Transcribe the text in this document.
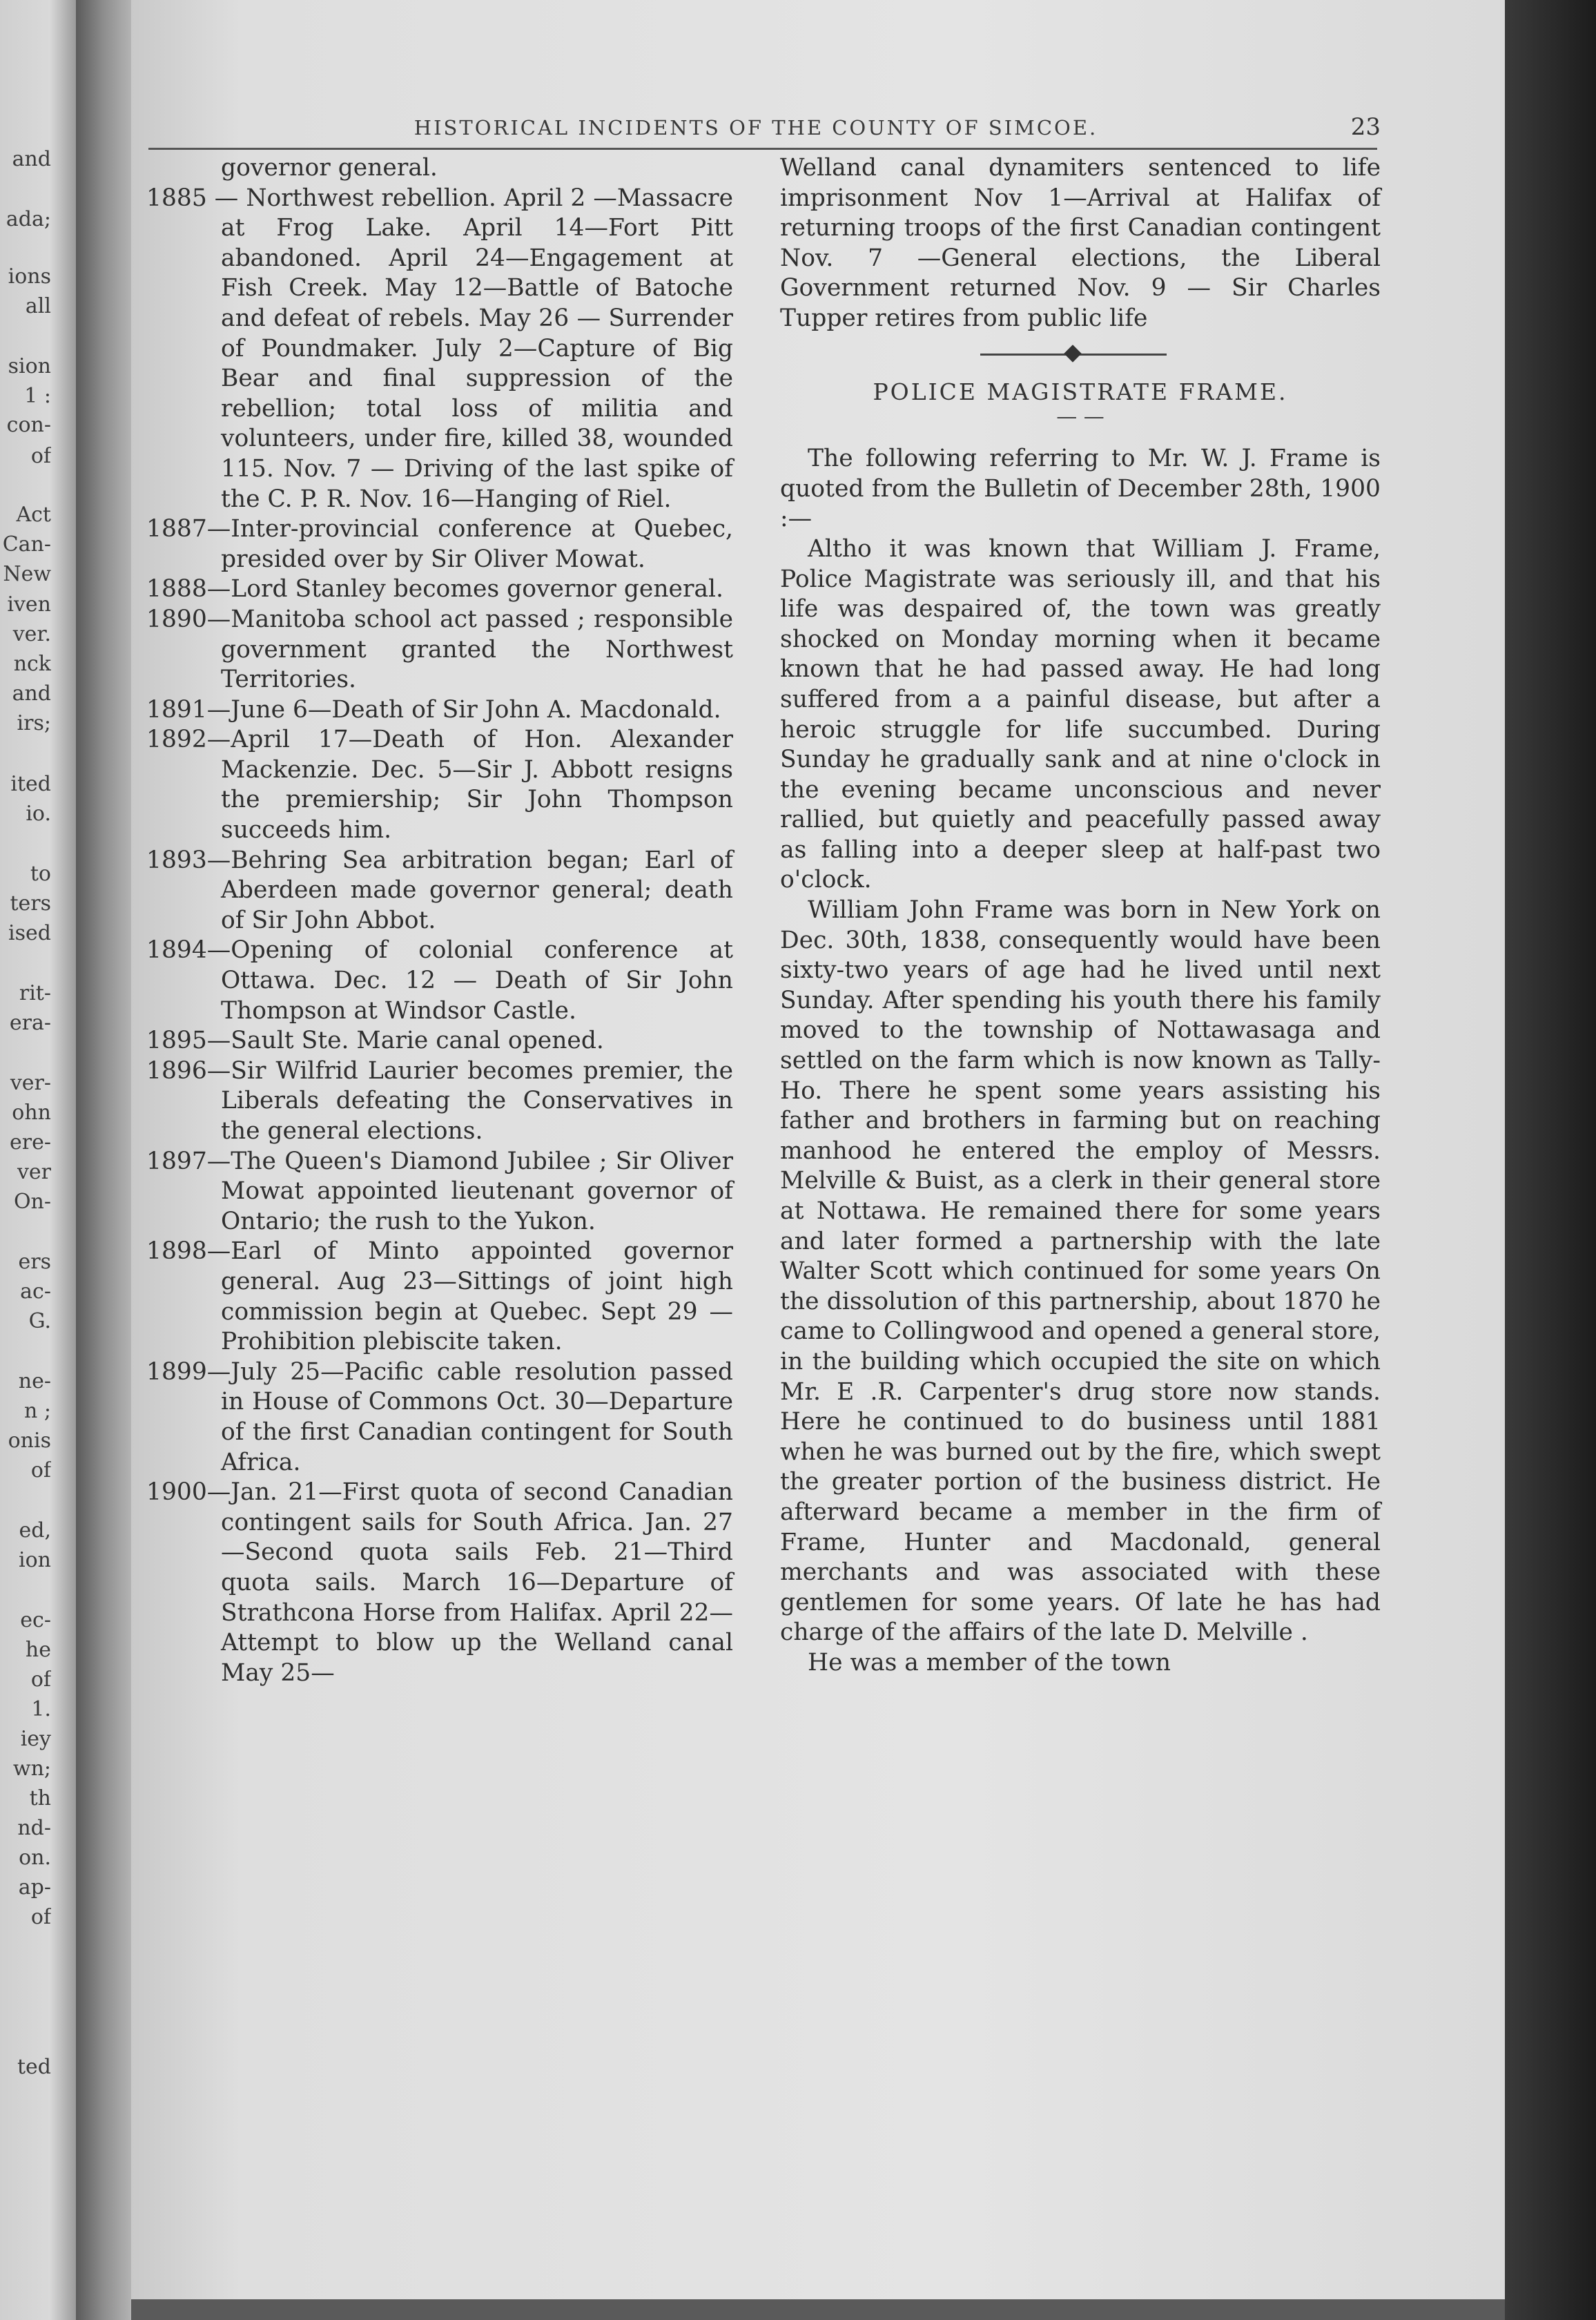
and
ada;
ions
all
sion
1 :
con-
of
Act
Can-
New
iven
ver.
nck
and
irs;
ited
io.
to
ters
ised
rit-
era-
ver-
ohn
ere-
ver
On-
ers
ac-
G.
ne-
n ;
onis
of
ed,
ion
ec-
he
of
1.
iey
wn;
th
nd-
on.
ap-
of
ted
HISTORICAL INCIDENTS OF THE COUNTY OF SIMCOE.	23

governor general.

1885 — Northwest rebellion. April 2 —Massacre at Frog Lake. April 14—Fort Pitt abandoned. April 24—Engagement at Fish Creek. May 12—Battle of Batoche and defeat of rebels. May 26 — Surrender of Poundmaker. July 2—Capture of Big Bear and final suppression of the rebellion; total loss of militia and volunteers, under fire, killed 38, wounded 115. Nov. 7 — Driving of the last spike of the C. P. R. Nov. 16—Hanging of Riel.

1887—Inter-provincial conference at Quebec, presided over by Sir Oliver Mowat.

1888—Lord Stanley becomes governor general.

1890—Manitoba school act passed ; responsible government granted the Northwest Territories.

1891—June 6—Death of Sir John A. Macdonald.

1892—April 17—Death of Hon. Alexander Mackenzie. Dec. 5—Sir J. Abbott resigns the premiership; Sir John Thompson succeeds him.

1893—Behring Sea arbitration began; Earl of Aberdeen made governor general; death of Sir John Abbot.

1894—Opening of colonial conference at Ottawa. Dec. 12 — Death of Sir John Thompson at Windsor Castle.

1895—Sault Ste. Marie canal opened.

1896—Sir Wilfrid Laurier becomes premier, the Liberals defeating the Conservatives in the general elections.

1897—The Queen's Diamond Jubilee ; Sir Oliver Mowat appointed lieutenant governor of Ontario; the rush to the Yukon.

1898—Earl of Minto appointed governor general. Aug 23—Sittings of joint high commission begin at Quebec. Sept 29 — Prohibition plebiscite taken.

1899—July 25—Pacific cable resolution passed in House of Commons Oct. 30—Departure of the first Canadian contingent for South Africa.

1900—Jan. 21—First quota of second Canadian contingent sails for South Africa. Jan. 27—Second quota sails Feb. 21—Third quota sails. March 16—Departure of Strathcona Horse from Halifax. April 22—Attempt to blow up the Welland canal May 25—

Welland canal dynamiters sentenced to life imprisonment Nov 1—Arrival at Halifax of returning troops of the first Canadian contingent Nov. 7 —General elections, the Liberal Government returned Nov. 9 — Sir Charles Tupper retires from public life

POLICE MAGISTRATE FRAME.

— —

The following referring to Mr. W. J. Frame is quoted from the Bulletin of December 28th, 1900 :—

Altho it was known that William J. Frame, Police Magistrate was seriously ill, and that his life was despaired of, the town was greatly shocked on Monday morning when it became known that he had passed away. He had long suffered from a a painful disease, but after a heroic struggle for life succumbed. During Sunday he gradually sank and at nine o'clock in the evening became unconscious and never rallied, but quietly and peacefully passed away as falling into a deeper sleep at half-past two o'clock.

William John Frame was born in New York on Dec. 30th, 1838, consequently would have been sixty-two years of age had he lived until next Sunday. After spending his youth there his family moved to the township of Nottawasaga and settled on the farm which is now known as Tally-Ho. There he spent some years assisting his father and brothers in farming but on reaching manhood he entered the employ of Messrs. Melville & Buist, as a clerk in their general store at Nottawa. He remained there for some years and later formed a partnership with the late Walter Scott which continued for some years On the dissolution of this partnership, about 1870 he came to Collingwood and opened a general store, in the building which occupied the site on which Mr. E .R. Carpenter's drug store now stands. Here he continued to do business until 1881 when he was burned out by the fire, which swept the greater portion of the business district. He afterward became a member in the firm of Frame, Hunter and Macdonald, general merchants and was associated with these gentlemen for some years. Of late he has had charge of the affairs of the late D. Melville .

He was a member of the town
